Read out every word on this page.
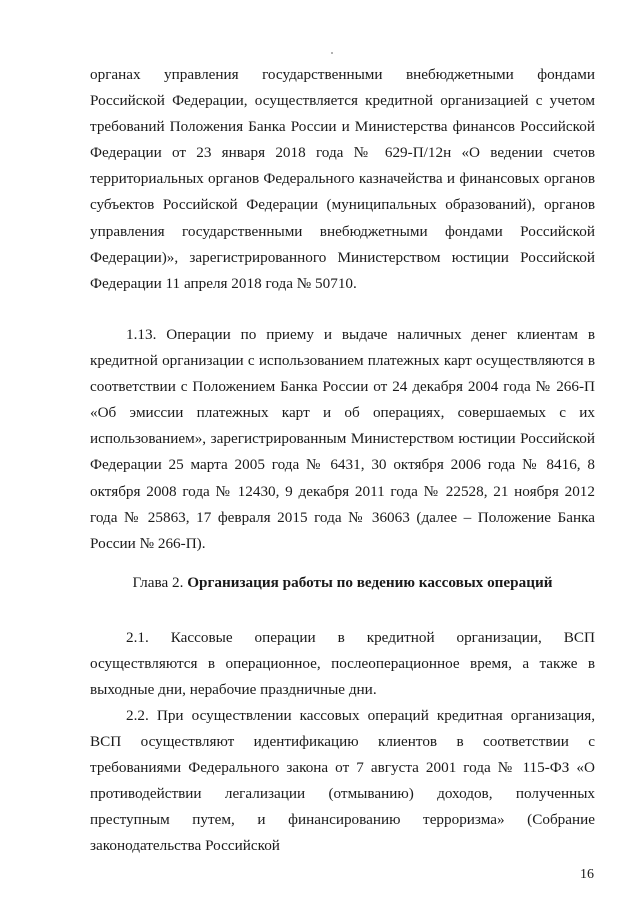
органах управления государственными внебюджетными фондами Российской Федерации, осуществляется кредитной организацией с учетом требований Положения Банка России и Министерства финансов Российской Федерации от 23 января 2018 года № 629-П/12н «О ведении счетов территориальных органов Федерального казначейства и финансовых органов субъектов Российской Федерации (муниципальных образований), органов управления государственными внебюджетными фондами Российской Федерации)», зарегистрированного Министерством юстиции Российской Федерации 11 апреля 2018 года № 50710.

1.13. Операции по приему и выдаче наличных денег клиентам в кредитной организации с использованием платежных карт осуществляются в соответствии с Положением Банка России от 24 декабря 2004 года № 266-П «Об эмиссии платежных карт и об операциях, совершаемых с их использованием», зарегистрированным Министерством юстиции Российской Федерации 25 марта 2005 года № 6431, 30 октября 2006 года № 8416, 8 октября 2008 года № 12430, 9 декабря 2011 года № 22528, 21 ноября 2012 года № 25863, 17 февраля 2015 года № 36063 (далее – Положение Банка России № 266-П).

Глава 2. Организация работы по ведению кассовых операций

2.1. Кассовые операции в кредитной организации, ВСП осуществляются в операционное, послеоперационное время, а также в выходные дни, нерабочие праздничные дни.

2.2. При осуществлении кассовых операций кредитная организация, ВСП осуществляют идентификацию клиентов в соответствии с требованиями Федерального закона от 7 августа 2001 года № 115-ФЗ «О противодействии легализации (отмыванию) доходов, полученных преступным путем, и финансированию терроризма» (Собрание законодательства Российской

16
